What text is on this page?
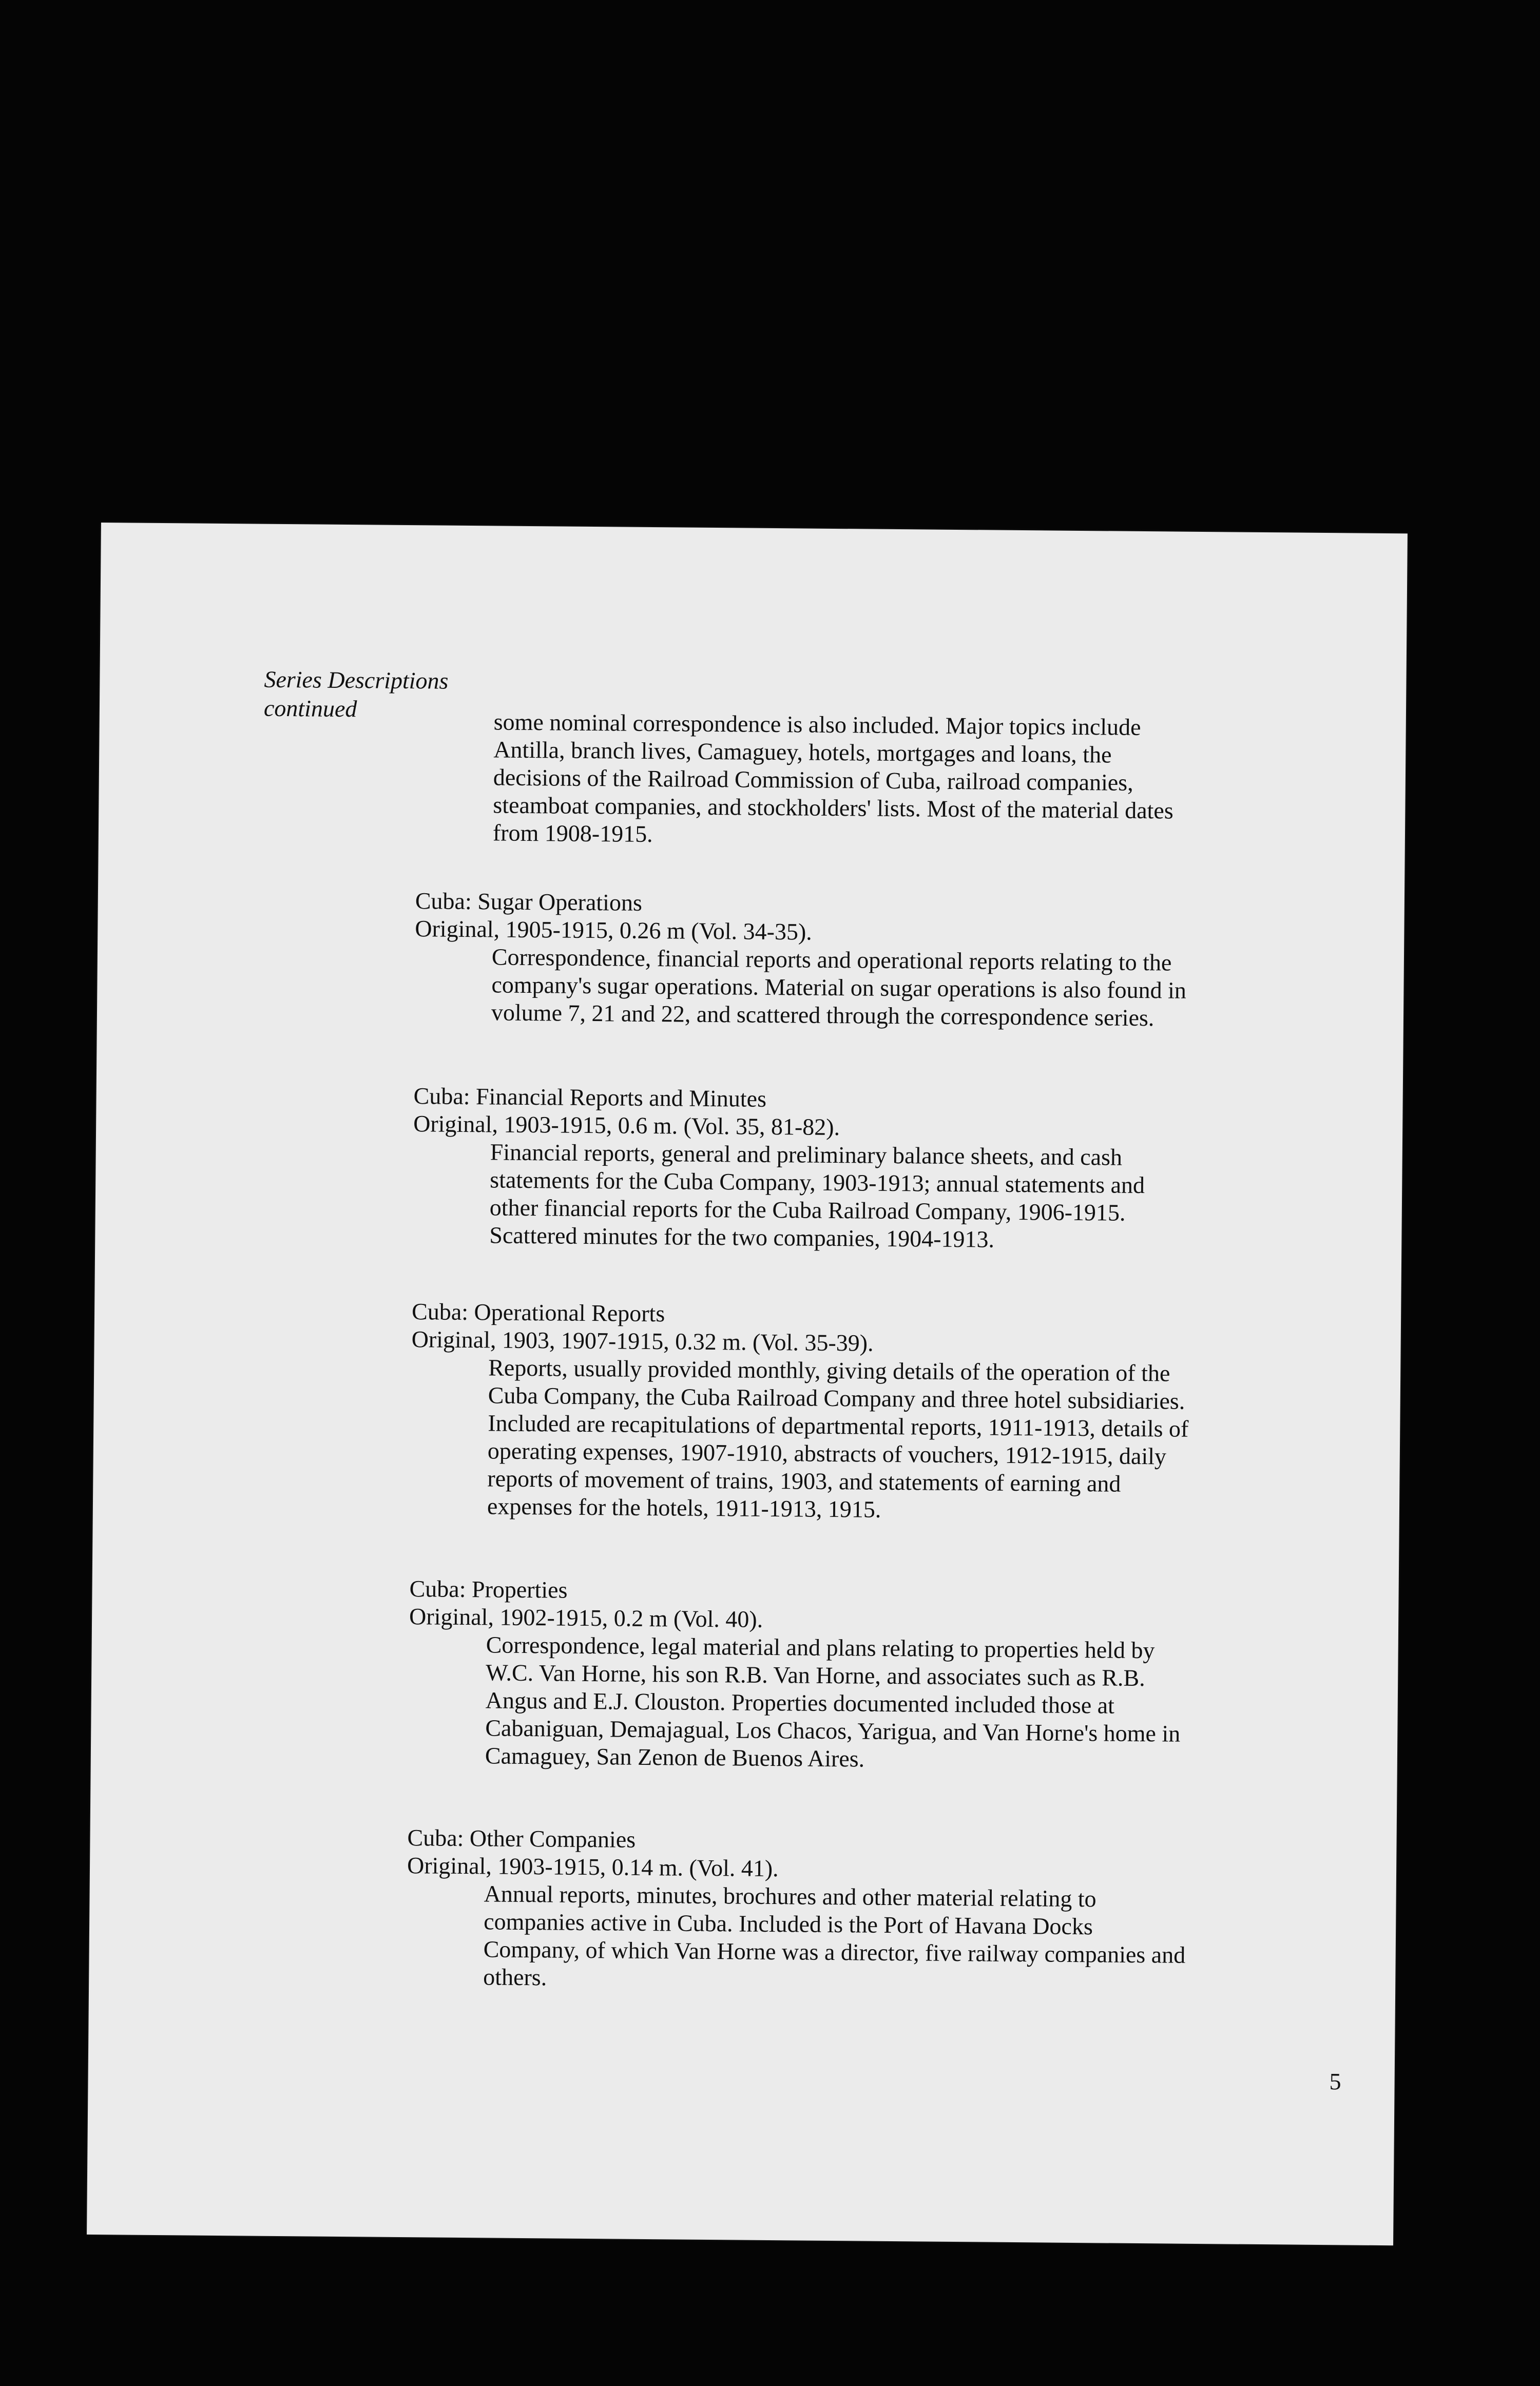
Series Descriptions
continued
some nominal correspondence is also included. Major topics include
Antilla, branch lives, Camaguey, hotels, mortgages and loans, the
decisions of the Railroad Commission of Cuba, railroad companies,
steamboat companies, and stockholders' lists. Most of the material dates
from 1908-1915.
Cuba: Sugar Operations
Original, 1905-1915, 0.26 m (Vol. 34-35).
Correspondence, financial reports and operational reports relating to the
company's sugar operations. Material on sugar operations is also found in
volume 7, 21 and 22, and scattered through the correspondence series.
Cuba: Financial Reports and Minutes
Original, 1903-1915, 0.6 m. (Vol. 35, 81-82).
Financial reports, general and preliminary balance sheets, and cash
statements for the Cuba Company, 1903-1913; annual statements and
other financial reports for the Cuba Railroad Company, 1906-1915.
Scattered minutes for the two companies, 1904-1913.
Cuba: Operational Reports
Original, 1903, 1907-1915, 0.32 m. (Vol. 35-39).
Reports, usually provided monthly, giving details of the operation of the
Cuba Company, the Cuba Railroad Company and three hotel subsidiaries.
Included are recapitulations of departmental reports, 1911-1913, details of
operating expenses, 1907-1910, abstracts of vouchers, 1912-1915, daily
reports of movement of trains, 1903, and statements of earning and
expenses for the hotels, 1911-1913, 1915.
Cuba: Properties
Original, 1902-1915, 0.2 m (Vol. 40).
Correspondence, legal material and plans relating to properties held by
W.C. Van Horne, his son R.B. Van Horne, and associates such as R.B.
Angus and E.J. Clouston. Properties documented included those at
Cabaniguan, Demajagual, Los Chacos, Yarigua, and Van Horne's home in
Camaguey, San Zenon de Buenos Aires.
Cuba: Other Companies
Original, 1903-1915, 0.14 m. (Vol. 41).
Annual reports, minutes, brochures and other material relating to
companies active in Cuba. Included is the Port of Havana Docks
Company, of which Van Horne was a director, five railway companies and
others.
5
